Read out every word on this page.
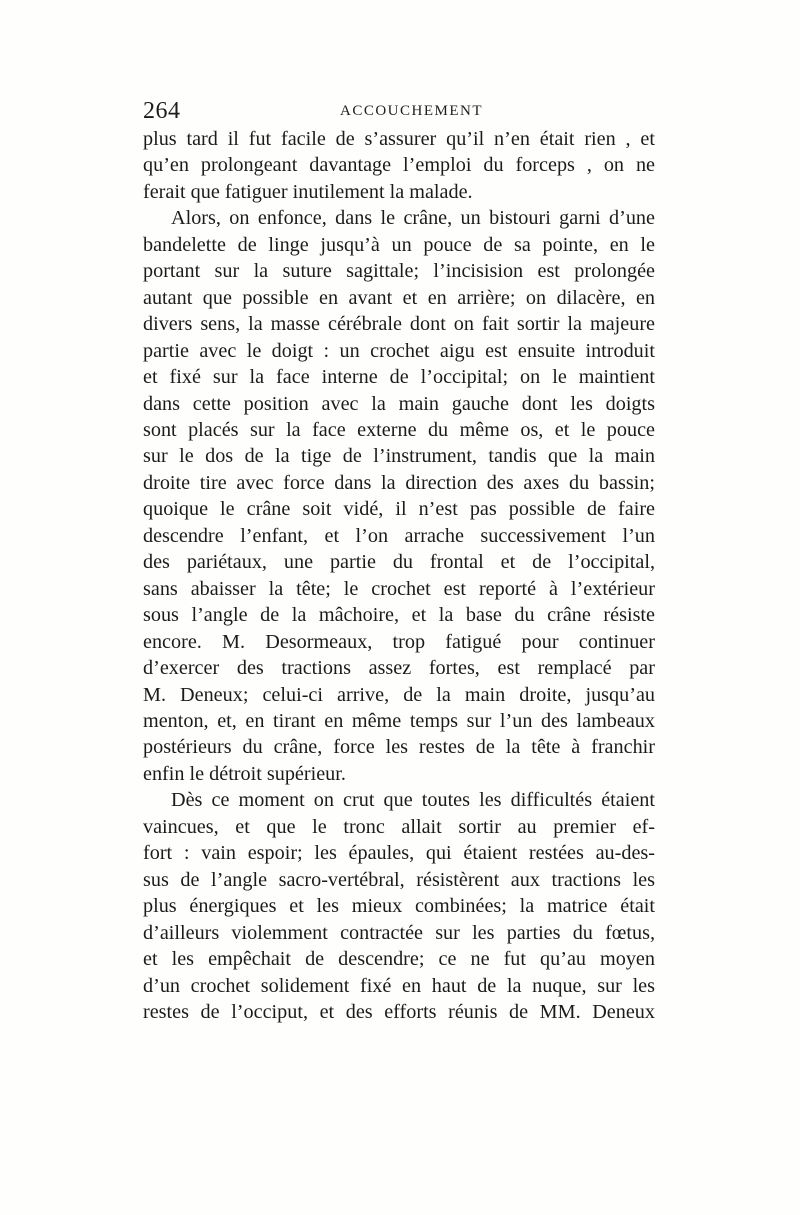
264	ACCOUCHEMENT

plus tard il fut facile de s’assurer qu’il n’en était rien , et
qu’en prolongeant davantage l’emploi du forceps , on ne
ferait que fatiguer inutilement la malade.

Alors, on enfonce, dans le crâne, un bistouri garni d’une
bandelette de linge jusqu’à un pouce de sa pointe, en le
portant sur la suture sagittale; l’incisision est prolongée
autant que possible en avant et en arrière; on dilacère, en
divers sens, la masse cérébrale dont on fait sortir la majeure
partie avec le doigt : un crochet aigu est ensuite introduit
et fixé sur la face interne de l’occipital; on le maintient
dans cette position avec la main gauche dont les doigts
sont placés sur la face externe du même os, et le pouce
sur le dos de la tige de l’instrument, tandis que la main
droite tire avec force dans la direction des axes du bassin;
quoique le crâne soit vidé, il n’est pas possible de faire
descendre l’enfant, et l’on arrache successivement l’un
des pariétaux, une partie du frontal et de l’occipital,
sans abaisser la tête; le crochet est reporté à l’extérieur
sous l’angle de la mâchoire, et la base du crâne résiste
encore. M. Desormeaux, trop fatigué pour continuer
d’exercer des tractions assez fortes, est remplacé par
M. Deneux; celui-ci arrive, de la main droite, jusqu’au
menton, et, en tirant en même temps sur l’un des lambeaux
postérieurs du crâne, force les restes de la tête à franchir
enfin le détroit supérieur.

Dès ce moment on crut que toutes les difficultés étaient
vaincues, et que le tronc allait sortir au premier ef-
fort : vain espoir; les épaules, qui étaient restées au-des-
sus de l’angle sacro-vertébral, résistèrent aux tractions les
plus énergiques et les mieux combinées; la matrice était
d’ailleurs violemment contractée sur les parties du fœtus,
et les empêchait de descendre; ce ne fut qu’au moyen
d’un crochet solidement fixé en haut de la nuque, sur les
restes de l’occiput, et des efforts réunis de MM. Deneux
